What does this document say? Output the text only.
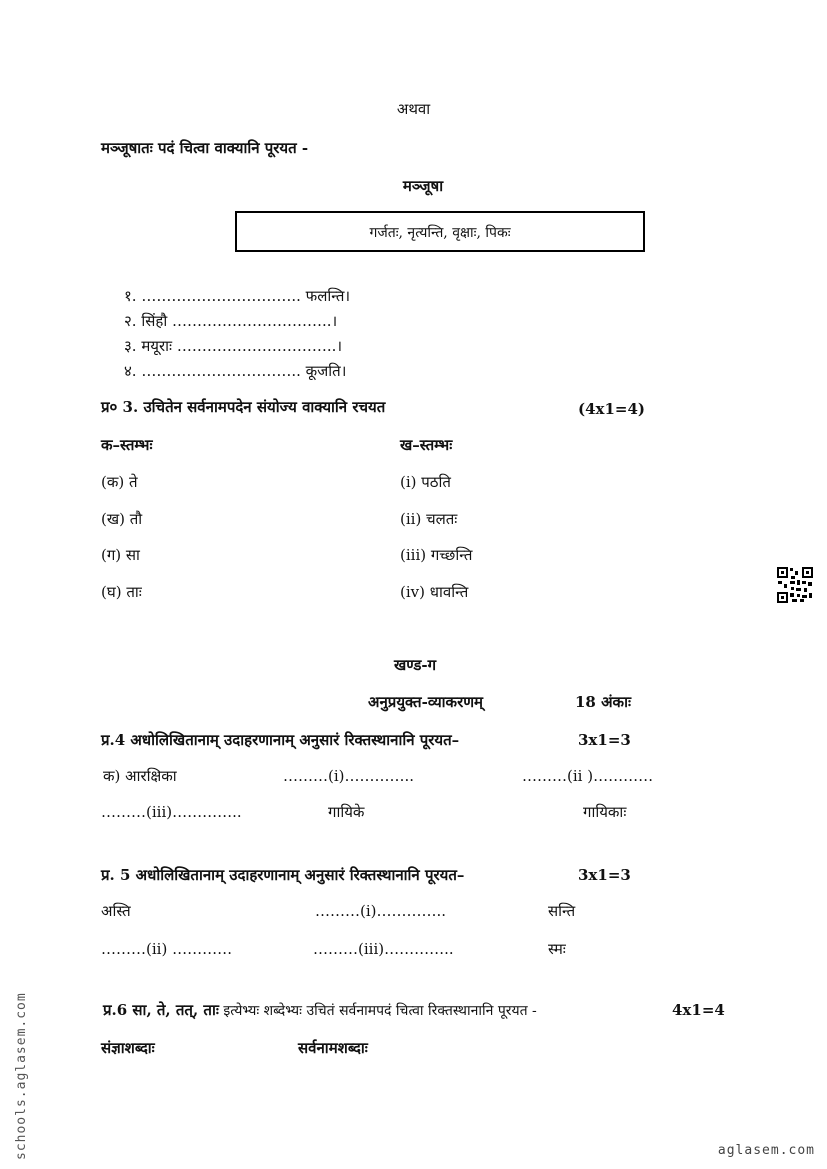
अथवा
मञ्जूषातः पदं चित्वा वाक्यानि पूरयत -
मञ्जूषा
गर्जतः, नृत्यन्ति, वृक्षाः, पिकः
१. ………………………….. फलन्ति।
२. सिंहौ …………………………..।
३. मयूराः …………………………..।
४. ………………………….. कूजति।
प्र० 3. उचितेन सर्वनामपदेन संयोज्य वाक्यानि रचयत	(4x1=4)
क–स्तम्भः	ख–स्तम्भः
(क) ते	(i) पठति
(ख) तौ	(ii) चलतः
(ग) सा	(iii) गच्छन्ति
(घ) ताः	(iv) धावन्ति
खण्ड-ग
अनुप्रयुक्त-व्याकरणम्	18 अंकाः
प्र.4 अधोलिखितानाम् उदाहरणानाम् अनुसारं रिक्तस्थानानि पूरयत–	3x1=3
क) आरक्षिका	………(i)…………..	………(ii )…………
………(iii)…………..	गायिके	गायिकाः
प्र. 5 अधोलिखितानाम् उदाहरणानाम् अनुसारं रिक्तस्थानानि पूरयत–	3x1=3
अस्ति	………(i)…………..	सन्ति
………(ii) …………	………(iii)…………..	स्मः
प्र.6 सा, ते, तत्, ताः इत्येभ्यः शब्देभ्यः उचितं सर्वनामपदं चित्वा रिक्तस्थानानि पूरयत -	4x1=4
संज्ञाशब्दाः	सर्वनामशब्दाः
schools.aglasem.com	aglasem.com
